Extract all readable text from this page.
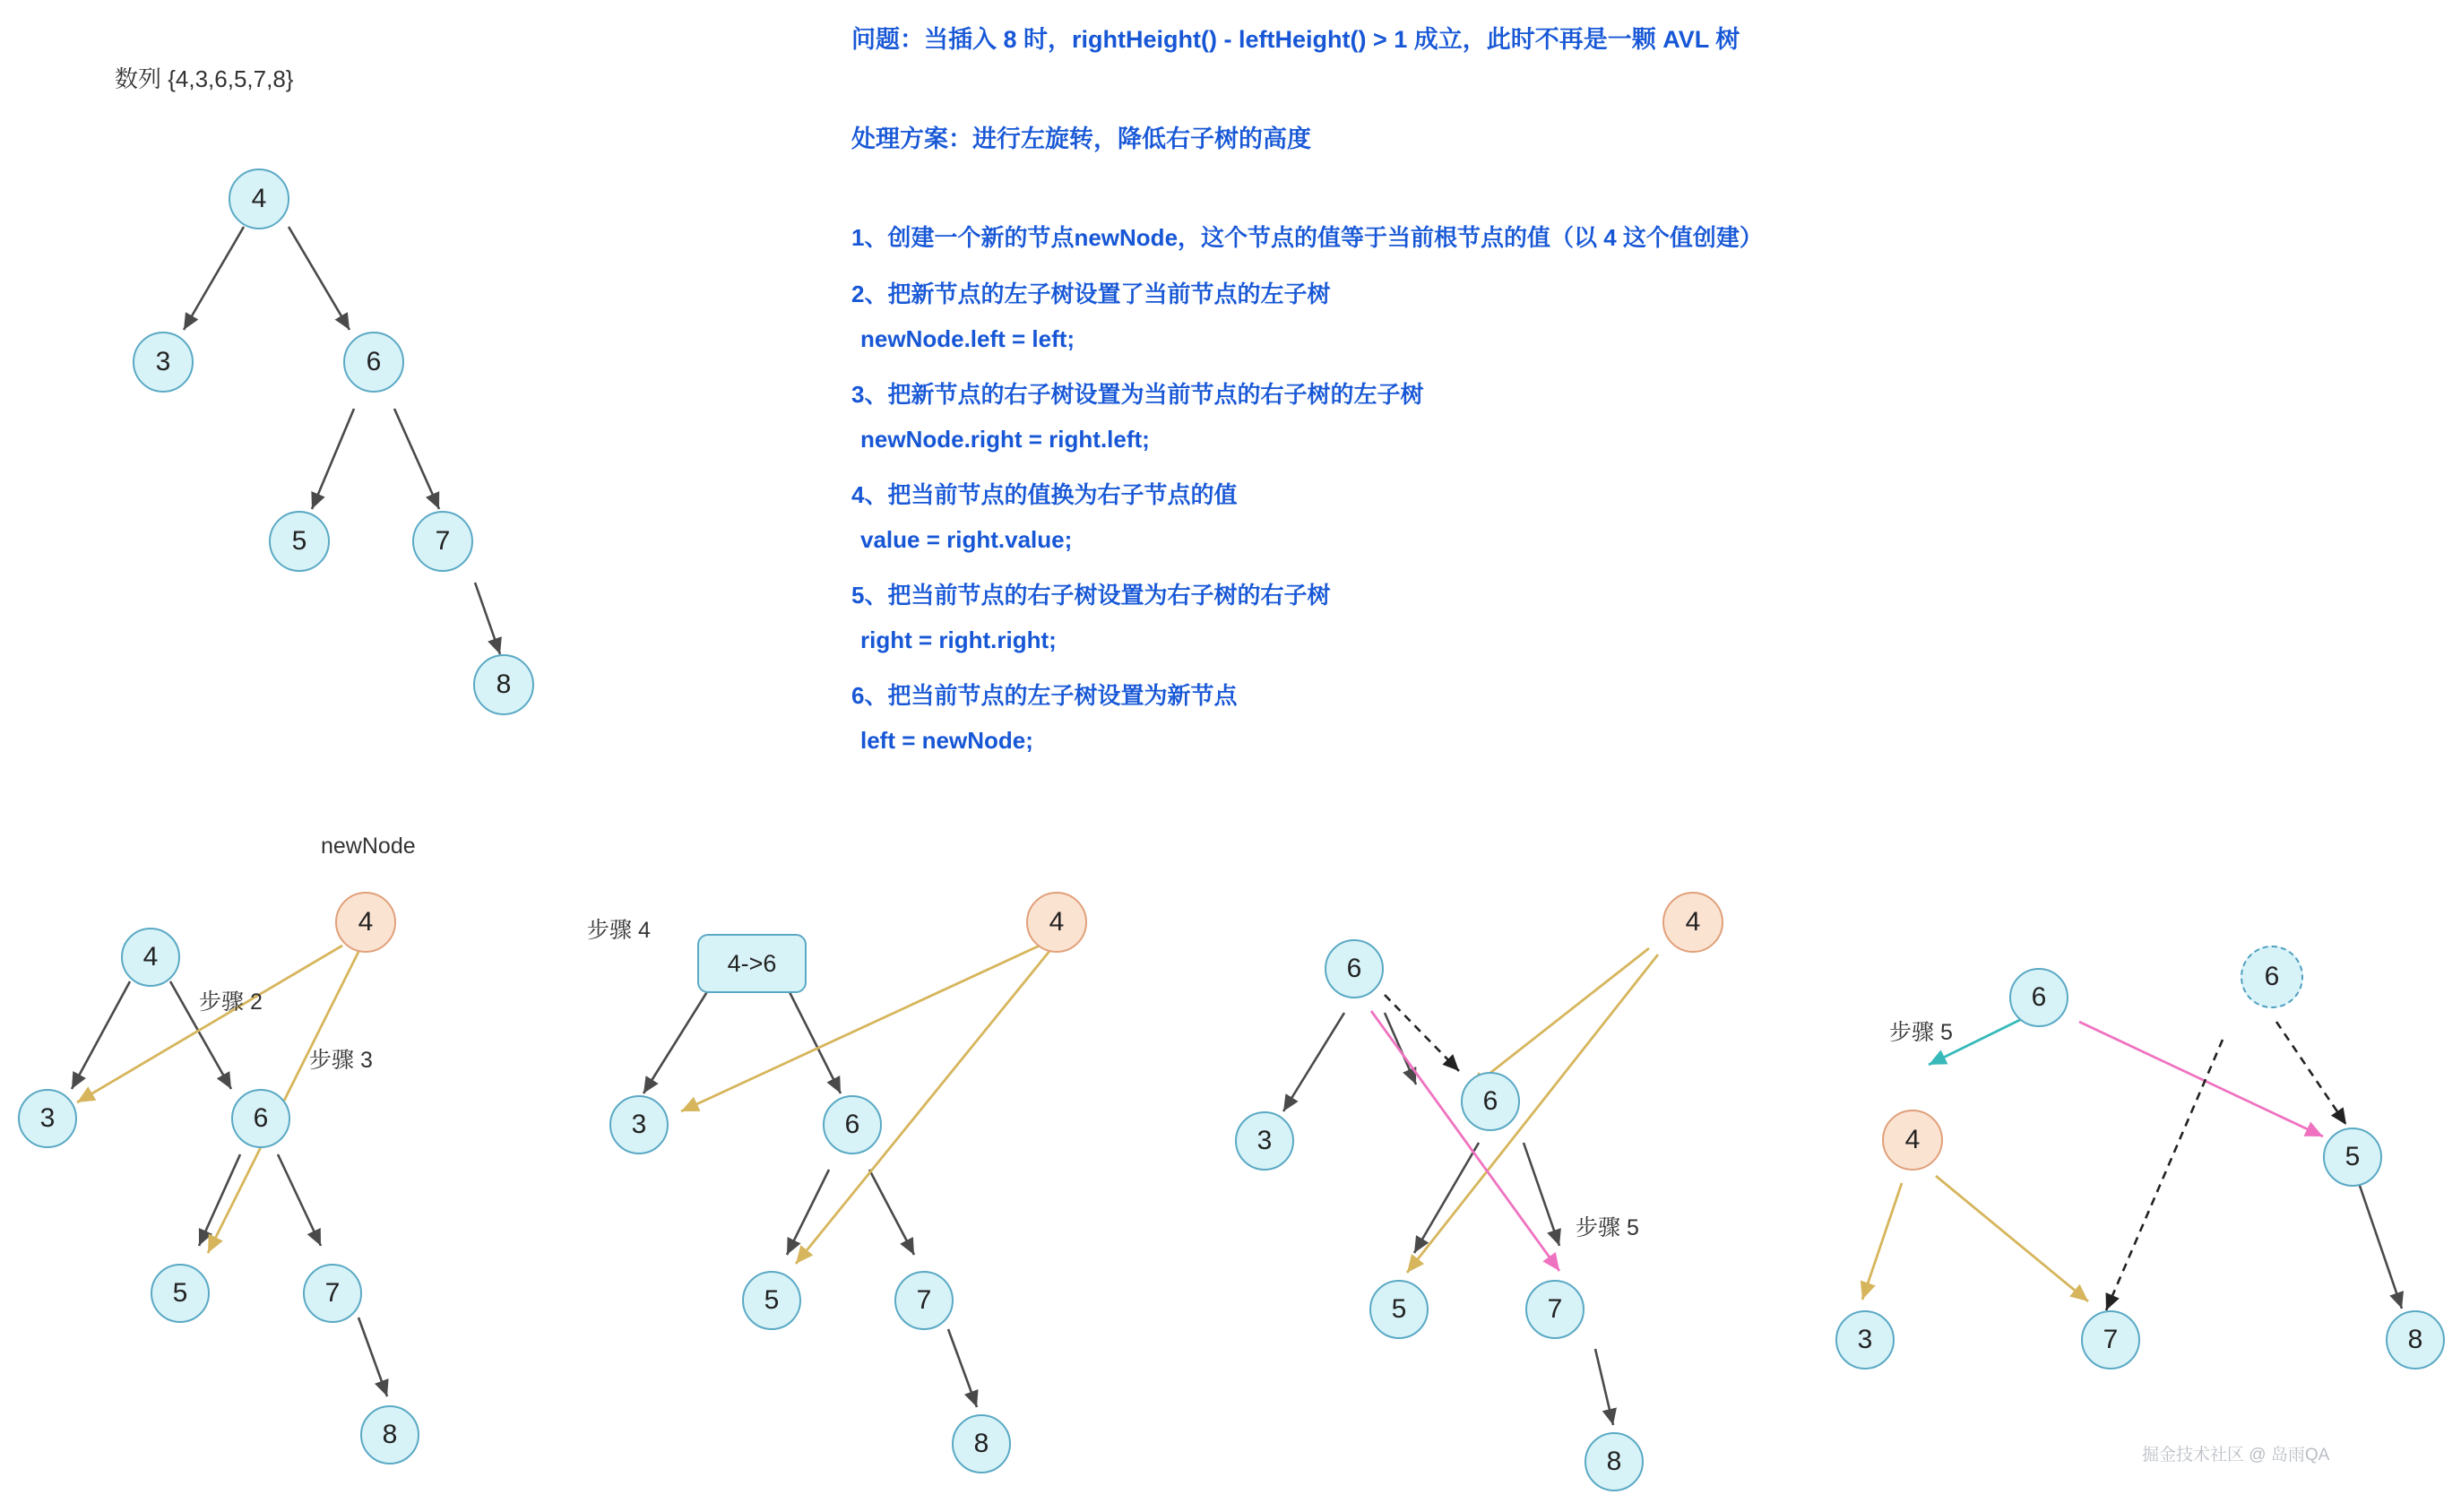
数列 {4,3,6,5,7,8}
4
3	6
5	7
8
问题：当插入 8 时，rightHeight() - leftHeight() > 1 成立，此时不再是一颗 AVL 树
处理方案：进行左旋转，降低右子树的高度
1、创建一个新的节点newNode，这个节点的值等于当前根节点的值（以 4 这个值创建）
2、把新节点的左子树设置了当前节点的左子树
newNode.left = left;
3、把新节点的右子树设置为当前节点的右子树的左子树
newNode.right = right.left;
4、把当前节点的值换为右子节点的值
value = right.value;
5、把当前节点的右子树设置为右子树的右子树
right = right.right;
6、把当前节点的左子树设置为新节点
left = newNode;
newNode
4
4
步骤 2
步骤 3
3	6
5	7
8
步骤 4	4
4->6
3	6
5	7
8
4
6
3
6
步骤 5
5	7
8
6
6
步骤 5
4
5
3	7	8
掘金技术社区 @ 岛雨QA
